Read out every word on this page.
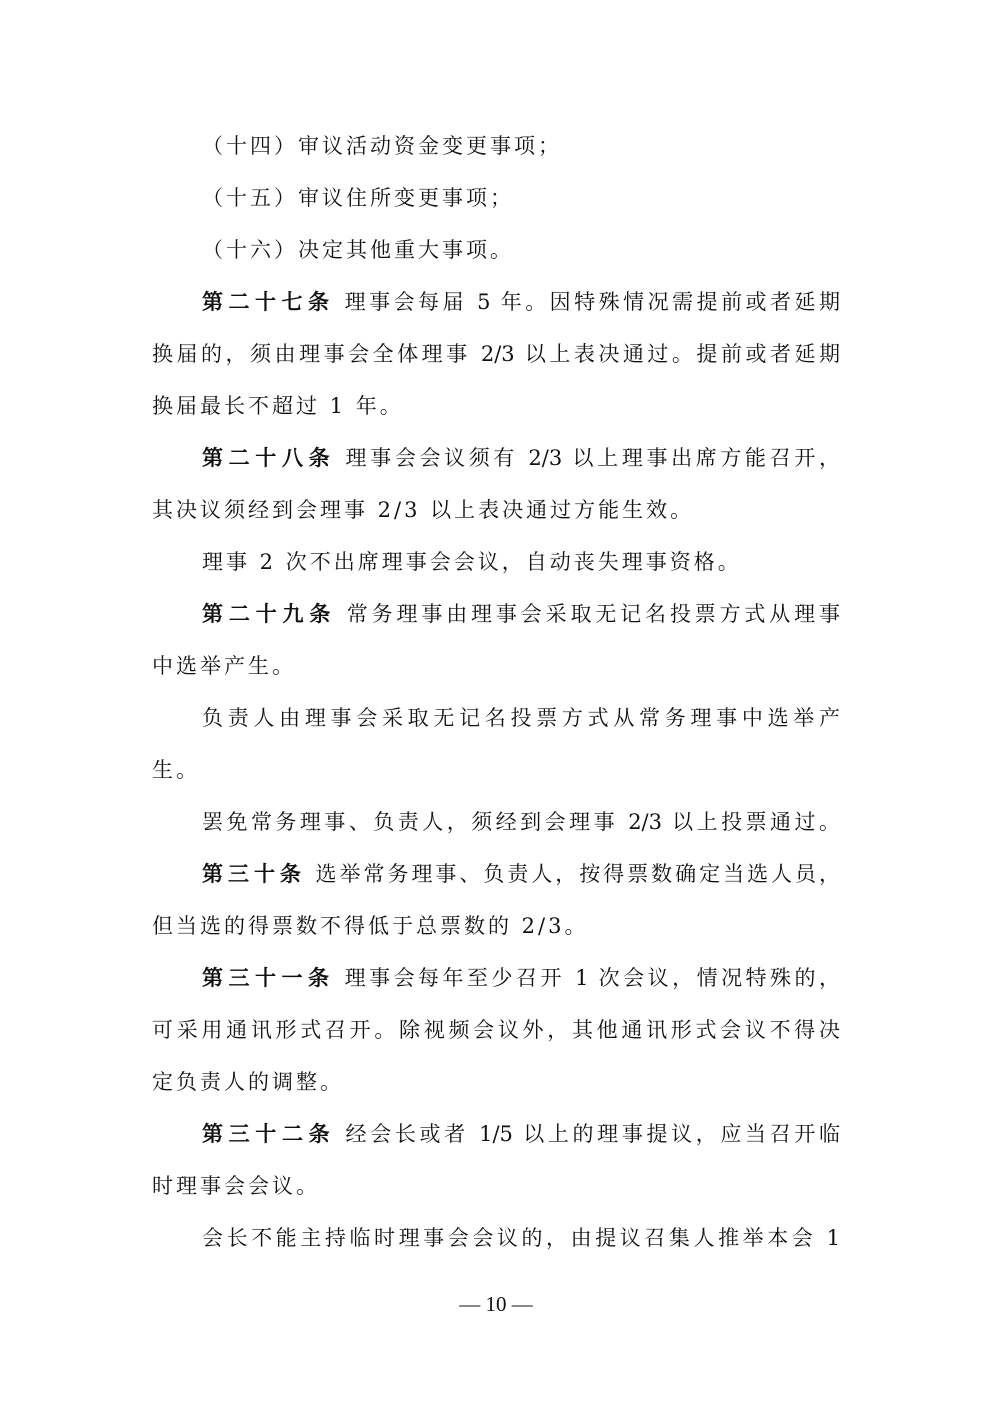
（十四）审议活动资金变更事项；
（十五）审议住所变更事项；
（十六）决定其他重大事项。
第二十七条 理事会每届 5 年。因特殊情况需提前或者延期
换届的，须由理事会全体理事 2/3 以上表决通过。提前或者延期
换届最长不超过 1 年。
第二十八条 理事会会议须有 2/3 以上理事出席方能召开，
其决议须经到会理事 2/3 以上表决通过方能生效。
理事 2 次不出席理事会会议，自动丧失理事资格。
第二十九条 常务理事由理事会采取无记名投票方式从理事
中选举产生。
负责人由理事会采取无记名投票方式从常务理事中选举产
生。
罢免常务理事、负责人，须经到会理事 2/3 以上投票通过。
第三十条 选举常务理事、负责人，按得票数确定当选人员，
但当选的得票数不得低于总票数的 2/3。
第三十一条 理事会每年至少召开 1 次会议，情况特殊的，
可采用通讯形式召开。除视频会议外，其他通讯形式会议不得决
定负责人的调整。
第三十二条 经会长或者 1/5 以上的理事提议，应当召开临
时理事会会议。
会长不能主持临时理事会会议的，由提议召集人推举本会 1
— 10 —
